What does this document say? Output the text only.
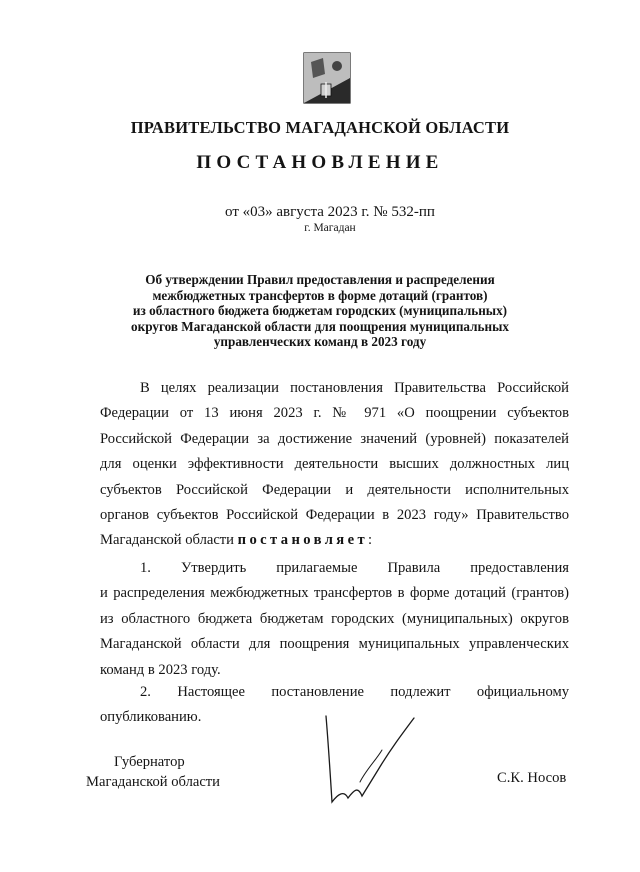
ПРАВИТЕЛЬСТВО МАГАДАНСКОЙ ОБЛАСТИ
ПОСТАНОВЛЕНИЕ
от «03» августа 2023 г. № 532-пп
г. Магадан
Об утверждении Правил предоставления и распределения
межбюджетных трансфертов в форме дотаций (грантов)
из областного бюджета бюджетам городских (муниципальных)
округов Магаданской области для поощрения муниципальных
управленческих команд в 2023 году
В целях реализации постановления Правительства Российской
Федерации от 13 июня 2023 г. № 971 «О поощрении субъектов
Российской Федерации за достижение значений (уровней) показателей
для оценки эффективности деятельности высших должностных лиц
субъектов Российской Федерации и деятельности исполнительных
органов субъектов Российской Федерации в 2023 году» Правительство
Магаданской области постановляет:
1. Утвердить прилагаемые Правила предоставления
и распределения межбюджетных трансфертов в форме дотаций (грантов)
из областного бюджета бюджетам городских (муниципальных) округов
Магаданской области для поощрения муниципальных управленческих
команд в 2023 году.
2. Настоящее постановление подлежит официальному
опубликованию.
Губернатор
Магаданской области	С.К. Носов
